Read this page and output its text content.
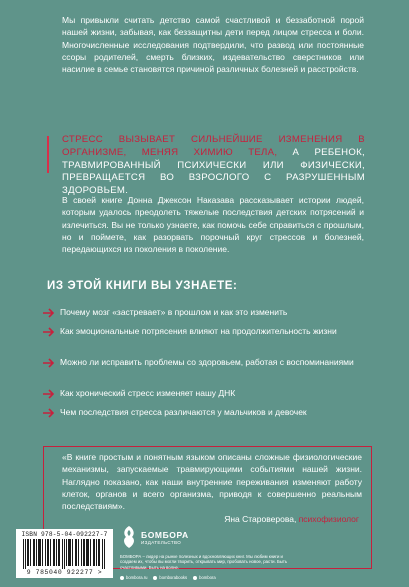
Мы привыкли считать детство самой счастливой и беззаботной порой нашей жизни, забывая, как беззащитны дети перед лицом стресса и боли. Многочисленные исследования подтвердили, что развод или постоянные ссоры родителей, смерть близких, издевательство сверстников или насилие в семье становятся причиной различных болезней и расстройств.

СТРЕСС ВЫЗЫВАЕТ СИЛЬНЕЙШИЕ ИЗМЕНЕНИЯ В ОРГАНИЗМЕ, МЕНЯЯ ХИМИЮ ТЕЛА, А РЕБЕНОК, ТРАВМИРОВАННЫЙ ПСИХИЧЕСКИ ИЛИ ФИЗИЧЕСКИ, ПРЕВРАЩАЕТСЯ ВО ВЗРОСЛОГО С РАЗРУШЕННЫМ ЗДОРОВЬЕМ.

В своей книге Донна Джексон Наказава рассказывает истории людей, которым удалось преодолеть тяжелые последствия детских потрясений и излечиться. Вы не только узнаете, как помочь себе справиться с прошлым, но и поймете, как разорвать порочный круг стрессов и болезней, передающихся из поколения в поколение.

ИЗ ЭТОЙ КНИГИ ВЫ УЗНАЕТЕ:
Почему мозг «застревает» в прошлом и как это изменить
Как эмоциональные потрясения влияют на продолжительность жизни
Можно ли исправить проблемы со здоровьем, работая с воспоминаниями
Как хронический стресс изменяет нашу ДНК
Чем последствия стресса различаются у мальчиков и девочек

«В книге простым и понятным языком описаны сложные физиологические механизмы, запускаемые травмирующими событиями нашей жизни. Наглядно показано, как наши внутренние переживания изменяют работу клеток, органов и всего организма, приводя к совершенно реальным последствиям».

Яна Староверова, психофизиолог

ISBN 978-5-04-092227-7
9 785040 922277 >
БОМБОРА
ИЗДАТЕЛЬСТВО

БОМБОРА – лидер на рынке полезных и вдохновляющих книг. Мы любим книги и создаем их, чтобы вы могли творить, открывать мир, пробовать новое, расти. Быть счастливыми. Быть на волне.

bombora.ru	bomborabooks	bombora
